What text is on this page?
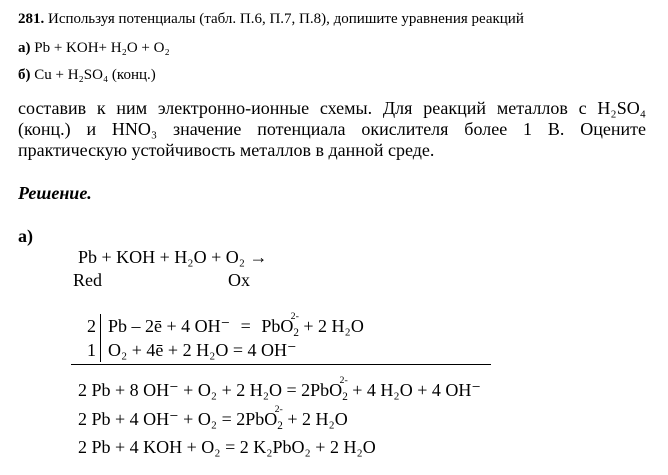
281. Используя потенциалы (табл. П.6, П.7, П.8), допишите уравнения реакций
а) Pb + KOH+ H₂O + O₂
б) Cu + H₂SO₄ (конц.)
составив к ним электронно-ионные схемы. Для реакций металлов с H₂SO₄ (конц.) и HNO₃ значение потенциала окислителя более 1 В. Оцените практическую устойчивость металлов в данной среде.
Решение.
а)
Pb + KOH + H₂O + O₂ →
Red	Ox
2 Pb – 2ē + 4 OH⁻ = PbO$_2$
2- + 2 H₂O
1 O₂ + 4ē + 2 H₂O = 4 OH⁻
2 Pb + 8 OH⁻ + O₂ + 2 H₂O = 2PbO$_2$
2- + 4 H₂O + 4 OH⁻
2 Pb + 4 OH⁻ + O₂ = 2PbO$_2$
2- + 2 H₂O
2 Pb + 4 KOH + O₂ = 2 K₂PbO₂ + 2 H₂O
